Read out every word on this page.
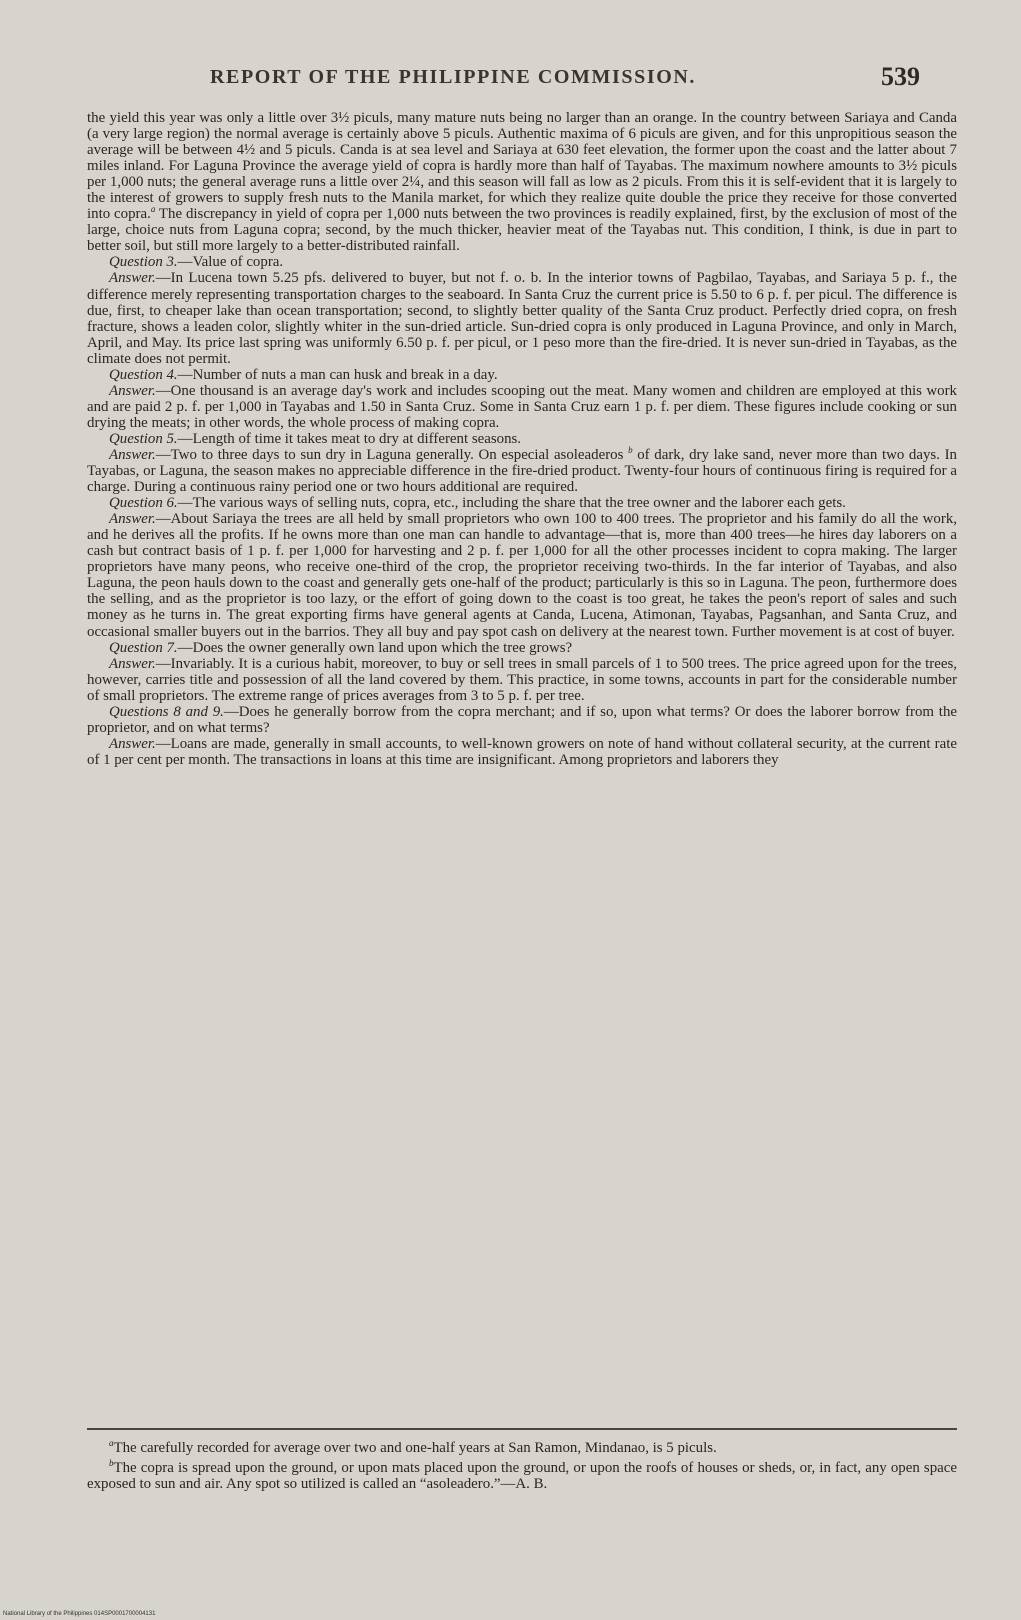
REPORT OF THE PHILIPPINE COMMISSION.	539

the yield this year was only a little over 3½ piculs, many mature nuts being no larger than an orange. In the country between Sariaya and Canda (a very large region) the normal average is certainly above 5 piculs. Authentic maxima of 6 piculs are given, and for this unpropitious season the average will be between 4½ and 5 piculs. Canda is at sea level and Sariaya at 630 feet elevation, the former upon the coast and the latter about 7 miles inland. For Laguna Province the average yield of copra is hardly more than half of Tayabas. The maximum nowhere amounts to 3½ piculs per 1,000 nuts; the general average runs a little over 2¼, and this season will fall as low as 2 piculs. From this it is self-evident that it is largely to the interest of growers to supply fresh nuts to the Manila market, for which they realize quite double the price they receive for those converted into copra.$^a$ The discrepancy in yield of copra per 1,000 nuts between the two provinces is readily explained, first, by the exclusion of most of the large, choice nuts from Laguna copra; second, by the much thicker, heavier meat of the Tayabas nut. This condition, I think, is due in part to better soil, but still more largely to a better-distributed rainfall.

Question 3.—Value of copra.

Answer.—In Lucena town 5.25 pfs. delivered to buyer, but not f. o. b. In the interior towns of Pagbilao, Tayabas, and Sariaya 5 p. f., the difference merely representing transportation charges to the seaboard. In Santa Cruz the current price is 5.50 to 6 p. f. per picul. The difference is due, first, to cheaper lake than ocean transportation; second, to slightly better quality of the Santa Cruz product. Perfectly dried copra, on fresh fracture, shows a leaden color, slightly whiter in the sun-dried article. Sun-dried copra is only produced in Laguna Province, and only in March, April, and May. Its price last spring was uniformly 6.50 p. f. per picul, or 1 peso more than the fire-dried. It is never sun-dried in Tayabas, as the climate does not permit.

Question 4.—Number of nuts a man can husk and break in a day.

Answer.—One thousand is an average day's work and includes scooping out the meat. Many women and children are employed at this work and are paid 2 p. f. per 1,000 in Tayabas and 1.50 in Santa Cruz. Some in Santa Cruz earn 1 p. f. per diem. These figures include cooking or sun drying the meats; in other words, the whole process of making copra.

Question 5.—Length of time it takes meat to dry at different seasons.

Answer.—Two to three days to sun dry in Laguna generally. On especial asoleaderos $^b$ of dark, dry lake sand, never more than two days. In Tayabas, or Laguna, the season makes no appreciable difference in the fire-dried product. Twenty-four hours of continuous firing is required for a charge. During a continuous rainy period one or two hours additional are required.

Question 6.—The various ways of selling nuts, copra, etc., including the share that the tree owner and the laborer each gets.

Answer.—About Sariaya the trees are all held by small proprietors who own 100 to 400 trees. The proprietor and his family do all the work, and he derives all the profits. If he owns more than one man can handle to advantage—that is, more than 400 trees—he hires day laborers on a cash but contract basis of 1 p. f. per 1,000 for harvesting and 2 p. f. per 1,000 for all the other processes incident to copra making. The larger proprietors have many peons, who receive one-third of the crop, the proprietor receiving two-thirds. In the far interior of Tayabas, and also Laguna, the peon hauls down to the coast and generally gets one-half of the product; particularly is this so in Laguna. The peon, furthermore does the selling, and as the proprietor is too lazy, or the effort of going down to the coast is too great, he takes the peon's report of sales and such money as he turns in. The great exporting firms have general agents at Canda, Lucena, Atimonan, Tayabas, Pagsanhan, and Santa Cruz, and occasional smaller buyers out in the barrios. They all buy and pay spot cash on delivery at the nearest town. Further movement is at cost of buyer.

Question 7.—Does the owner generally own land upon which the tree grows?

Answer.—Invariably. It is a curious habit, moreover, to buy or sell trees in small parcels of 1 to 500 trees. The price agreed upon for the trees, however, carries title and possession of all the land covered by them. This practice, in some towns, accounts in part for the considerable number of small proprietors. The extreme range of prices averages from 3 to 5 p. f. per tree.

Questions 8 and 9.—Does he generally borrow from the copra merchant; and if so, upon what terms? Or does the laborer borrow from the proprietor, and on what terms?

Answer.—Loans are made, generally in small accounts, to well-known growers on note of hand without collateral security, at the current rate of 1 per cent per month. The transactions in loans at this time are insignificant. Among proprietors and laborers they

$^a$The carefully recorded for average over two and one-half years at San Ramon, Mindanao, is 5 piculs.

$^b$The copra is spread upon the ground, or upon mats placed upon the ground, or upon the roofs of houses or sheds, or, in fact, any open space exposed to sun and air. Any spot so utilized is called an “asoleadero.”—A. B.

National Library of the Philippines 014SP0001700004131
